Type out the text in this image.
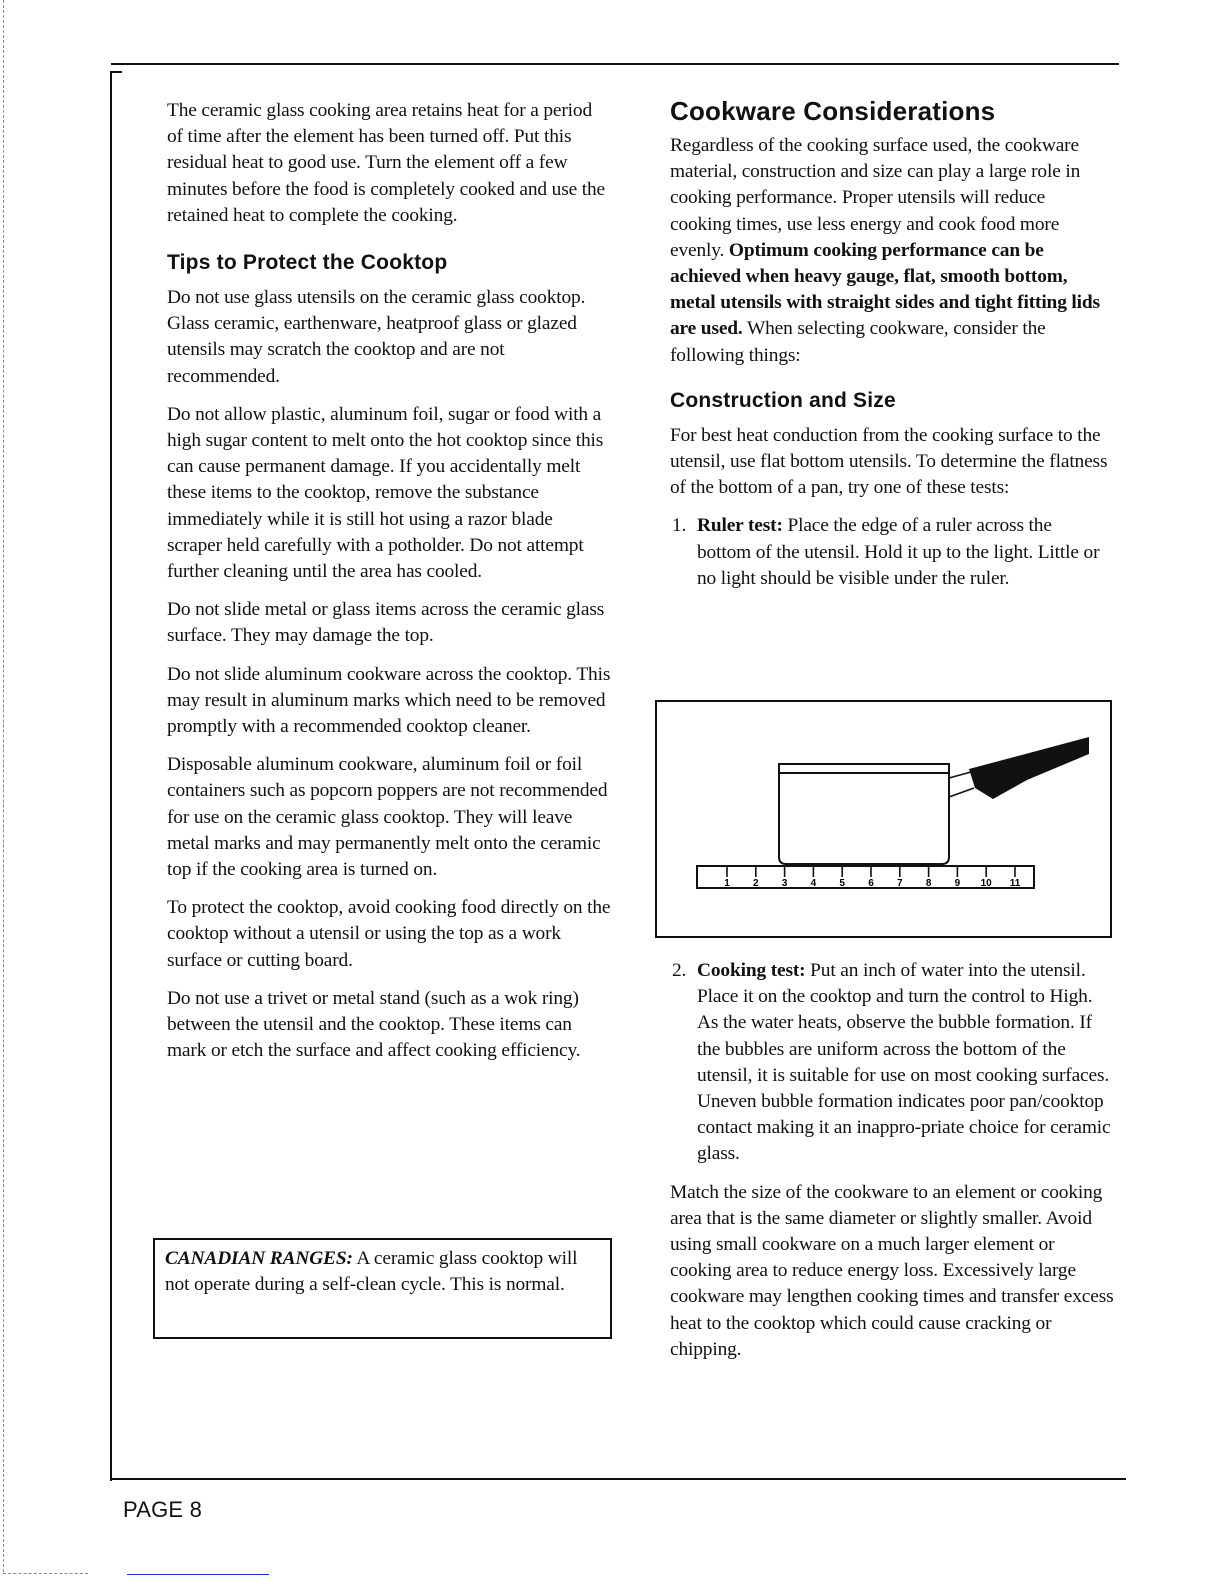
The ceramic glass cooking area retains heat for a period of time after the element has been turned off. Put this residual heat to good use. Turn the element off a few minutes before the food is completely cooked and use the retained heat to complete the cooking.

Tips to Protect the Cooktop

Do not use glass utensils on the ceramic glass cooktop. Glass ceramic, earthenware, heatproof glass or glazed utensils may scratch the cooktop and are not recommended.

Do not allow plastic, aluminum foil, sugar or food with a high sugar content to melt onto the hot cooktop since this can cause permanent damage. If you accidentally melt these items to the cooktop, remove the substance immediately while it is still hot using a razor blade scraper held carefully with a potholder. Do not attempt further cleaning until the area has cooled.

Do not slide metal or glass items across the ceramic glass surface. They may damage the top.

Do not slide aluminum cookware across the cooktop. This may result in aluminum marks which need to be removed promptly with a recommended cooktop cleaner.

Disposable aluminum cookware, aluminum foil or foil containers such as popcorn poppers are not recommended for use on the ceramic glass cooktop. They will leave metal marks and may permanently melt onto the ceramic top if the cooking area is turned on.

To protect the cooktop, avoid cooking food directly on the cooktop without a utensil or using the top as a work surface or cutting board.

Do not use a trivet or metal stand (such as a wok ring) between the utensil and the cooktop. These items can mark or etch the surface and affect cooking efficiency.

CANADIAN RANGES: A ceramic glass cooktop will not operate during a self-clean cycle. This is normal.

Cookware Considerations

Regardless of the cooking surface used, the cookware material, construction and size can play a large role in cooking performance. Proper utensils will reduce cooking times, use less energy and cook food more evenly. Optimum cooking performance can be achieved when heavy gauge, flat, smooth bottom, metal utensils with straight sides and tight fitting lids are used. When selecting cookware, consider the following things:

Construction and Size

For best heat conduction from the cooking surface to the utensil, use flat bottom utensils. To determine the flatness of the bottom of a pan, try one of these tests:

1. Ruler test: Place the edge of a ruler across the bottom of the utensil. Hold it up to the light. Little or no light should be visible under the ruler.

1 2 3 4 5 6 7 8 9 10 11

2. Cooking test: Put an inch of water into the utensil. Place it on the cooktop and turn the control to High. As the water heats, observe the bubble formation. If the bubbles are uniform across the bottom of the utensil, it is suitable for use on most cooking surfaces. Uneven bubble formation indicates poor pan/cooktop contact making it an inappro-priate choice for ceramic glass.

Match the size of the cookware to an element or cooking area that is the same diameter or slightly smaller. Avoid using small cookware on a much larger element or cooking area to reduce energy loss. Excessively large cookware may lengthen cooking times and transfer excess heat to the cooktop which could cause cracking or chipping.

PAGE 8
